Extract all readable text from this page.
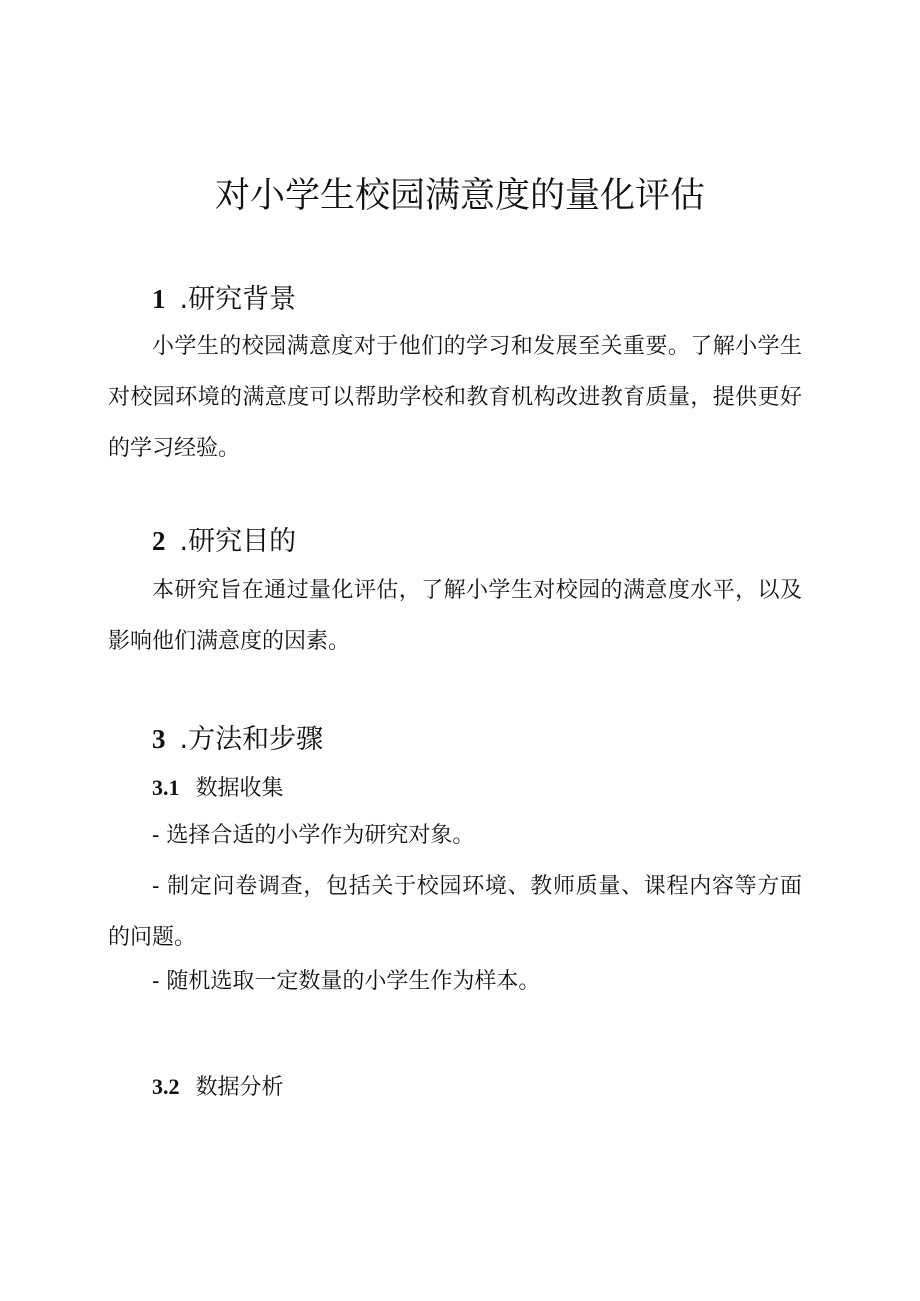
对小学生校园满意度的量化评估
1 .研究背景

小学生的校园满意度对于他们的学习和发展至关重要。了解小学生对校园环境的满意度可以帮助学校和教育机构改进教育质量，提供更好的学习经验。

2 .研究目的

本研究旨在通过量化评估，了解小学生对校园的满意度水平，以及影响他们满意度的因素。

3 .方法和步骤
3.1 数据收集

- 选择合适的小学作为研究对象。

- 制定问卷调查，包括关于校园环境、教师质量、课程内容等方面的问题。

- 随机选取一定数量的小学生作为样本。

3.2 数据分析
